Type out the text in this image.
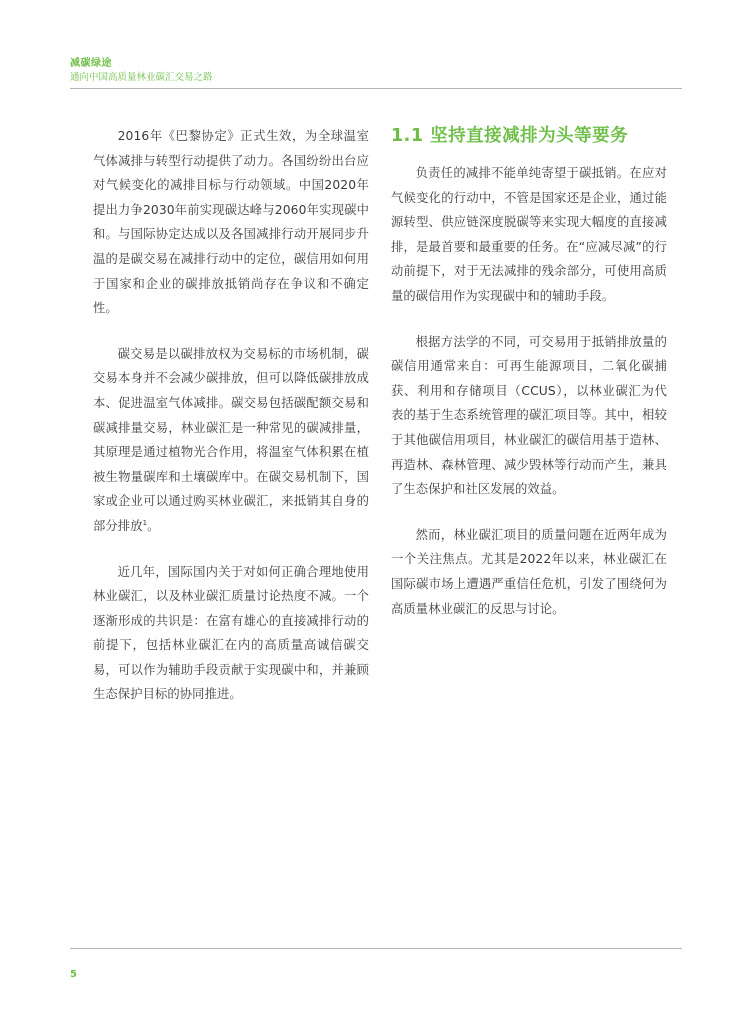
减碳绿途
通向中国高质量林业碳汇交易之路

2016年《巴黎协定》正式生效，为全球温室气体减排与转型行动提供了动力。各国纷纷出台应对气候变化的减排目标与行动领域。中国2020年提出力争2030年前实现碳达峰与2060年实现碳中和。与国际协定达成以及各国减排行动开展同步升温的是碳交易在减排行动中的定位，碳信用如何用于国家和企业的碳排放抵销尚存在争议和不确定性。

碳交易是以碳排放权为交易标的市场机制，碳交易本身并不会减少碳排放，但可以降低碳排放成本、促进温室气体减排。碳交易包括碳配额交易和碳减排量交易，林业碳汇是一种常见的碳减排量，其原理是通过植物光合作用，将温室气体积累在植被生物量碳库和土壤碳库中。在碳交易机制下，国家或企业可以通过购买林业碳汇，来抵销其自身的部分排放$^1$。

近几年，国际国内关于对如何正确合理地使用林业碳汇，以及林业碳汇质量讨论热度不减。一个逐渐形成的共识是：在富有雄心的直接减排行动的前提下，包括林业碳汇在内的高质量高诚信碳交易，可以作为辅助手段贡献于实现碳中和，并兼顾生态保护目标的协同推进。

1.1 坚持直接减排为头等要务

负责任的减排不能单纯寄望于碳抵销。在应对气候变化的行动中，不管是国家还是企业，通过能源转型、供应链深度脱碳等来实现大幅度的直接减排，是最首要和最重要的任务。在“应减尽减”的行动前提下，对于无法减排的残余部分，可使用高质量的碳信用作为实现碳中和的辅助手段。

根据方法学的不同，可交易用于抵销排放量的碳信用通常来自：可再生能源项目，二氧化碳捕获、利用和存储项目（CCUS），以林业碳汇为代表的基于生态系统管理的碳汇项目等。其中，相较于其他碳信用项目，林业碳汇的碳信用基于造林、再造林、森林管理、减少毁林等行动而产生，兼具了生态保护和社区发展的效益。

然而，林业碳汇项目的质量问题在近两年成为一个关注焦点。尤其是2022年以来，林业碳汇在国际碳市场上遭遇严重信任危机，引发了围绕何为高质量林业碳汇的反思与讨论。

5
